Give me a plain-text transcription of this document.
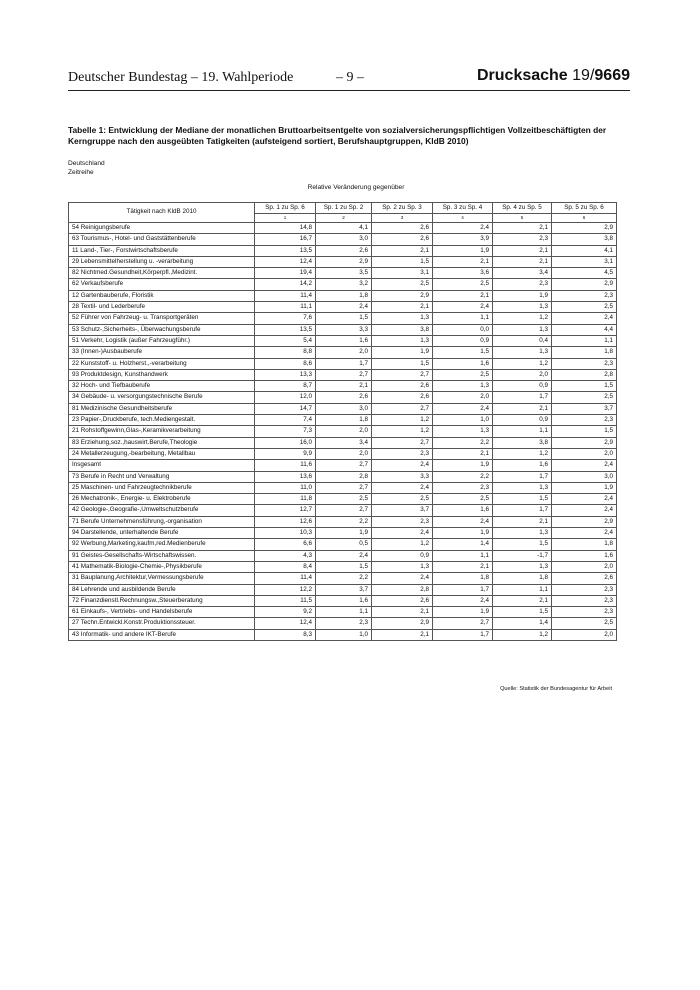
Deutscher Bundestag – 19. Wahlperiode	– 9 –	Drucksache 19/9669
Tabelle 1: Entwicklung der Mediane der monatlichen Bruttoarbeitsentgelte von sozialversicherungspflichtigen Vollzeitbeschäftigten der Kerngruppe nach den ausgeübten Tatigkeiten (aufsteigend sortiert, Berufshauptgruppen, KldB 2010)
Deutschland
Zeitreihe
Relative Veränderung gegenüber
Tätigkeit nach KldB 2010	Sp. 1 zu Sp. 6	Sp. 1 zu Sp. 2	Sp. 2 zu Sp. 3	Sp. 3 zu Sp. 4	Sp. 4 zu Sp. 5	Sp. 5 zu Sp. 6
	1	2	3	4	5	6
54 Reinigungsberufe	14,8	4,1	2,6	2,4	2,1	2,9
63 Tourismus-, Hotel- und Gaststättenberufe	16,7	3,0	2,6	3,9	2,3	3,8
11 Land-, Tier-, Forstwirtschaftsberufe	13,5	2,6	2,1	1,9	2,1	4,1
29 Lebensmittelherstellung u. -verarbeitung	12,4	2,9	1,5	2,1	2,1	3,1
82 Nichtmed.Gesundheit,Körperpfl.,Medizint.	19,4	3,5	3,1	3,6	3,4	4,5
62 Verkaufsberufe	14,2	3,2	2,5	2,5	2,3	2,9
12 Gartenbauberufe, Floristik	11,4	1,8	2,9	2,1	1,9	2,3
28 Textil- und Lederberufe	11,1	2,4	2,1	2,4	1,3	2,5
52 Führer von Fahrzeug- u. Transportgeräten	7,6	1,5	1,3	1,1	1,2	2,4
53 Schutz-,Sicherheits-, Überwachungsberufe	13,5	3,3	3,8	0,0	1,3	4,4
51 Verkehr, Logistik (außer Fahrzeugführ.)	5,4	1,6	1,3	0,9	0,4	1,1
33 (Innen-)Ausbauberufe	8,8	2,0	1,9	1,5	1,3	1,8
22 Kunststoff- u. Holzherst.,-verarbeitung	8,6	1,7	1,5	1,6	1,2	2,3
93 Produktdesign, Kunsthandwerk	13,3	2,7	2,7	2,5	2,0	2,8
32 Hoch- und Tiefbauberufe	8,7	2,1	2,6	1,3	0,9	1,5
34 Gebäude- u. versorgungstechnische Berufe	12,0	2,6	2,6	2,0	1,7	2,5
81 Medizinische Gesundheitsberufe	14,7	3,0	2,7	2,4	2,1	3,7
23 Papier-,Druckberufe, tech.Mediengestalt.	7,4	1,8	1,2	1,0	0,9	2,3
21 Rohstoffgewinn,Glas-,Keramikverarbeitung	7,3	2,0	1,2	1,3	1,1	1,5
83 Erziehung,soz.,hauswirt.Berufe,Theologie	16,0	3,4	2,7	2,2	3,8	2,9
24 Metallerzeugung,-bearbeitung, Metallbau	9,9	2,0	2,3	2,1	1,2	2,0
Insgesamt	11,6	2,7	2,4	1,9	1,6	2,4
73 Berufe in Recht und Verwaltung	13,6	2,8	3,3	2,2	1,7	3,0
25 Maschinen- und Fahrzeugtechnikberufe	11,0	2,7	2,4	2,3	1,3	1,9
26 Mechatronik-, Energie- u. Elektroberufe	11,8	2,5	2,5	2,5	1,5	2,4
42 Geologie-,Geografie-,Umweltschutzberufe	12,7	2,7	3,7	1,6	1,7	2,4
71 Berufe Unternehmensführung,-organisation	12,6	2,2	2,3	2,4	2,1	2,9
94 Darstellende, unterhaltende Berufe	10,3	1,9	2,4	1,9	1,3	2,4
92 Werbung,Marketing,kaufm,red.Medienberufe	6,6	0,5	1,2	1,4	1,5	1,8
91 Geistes-Gesellschafts-Wirtschaftswissen.	4,3	2,4	0,9	1,1	-1,7	1,6
41 Mathematik-Biologie-Chemie-,Physikberufe	8,4	1,5	1,3	2,1	1,3	2,0
31 Bauplanung,Architektur,Vermessungsberufe	11,4	2,2	2,4	1,8	1,8	2,6
84 Lehrende und ausbildende Berufe	12,2	3,7	2,8	1,7	1,1	2,3
72 Finanzdienstl.Rechnungsw.,Steuerberatung	11,5	1,6	2,6	2,4	2,1	2,3
61 Einkaufs-, Vertriebs- und Handelsberufe	9,2	1,1	2,1	1,9	1,5	2,3
27 Techn.Entwickl.Konstr.Produktionssteuer.	12,4	2,3	2,9	2,7	1,4	2,5
43 Informatik- und andere IKT-Berufe	8,3	1,0	2,1	1,7	1,2	2,0
Quelle: Statistik der Bundesagentur für Arbeit
